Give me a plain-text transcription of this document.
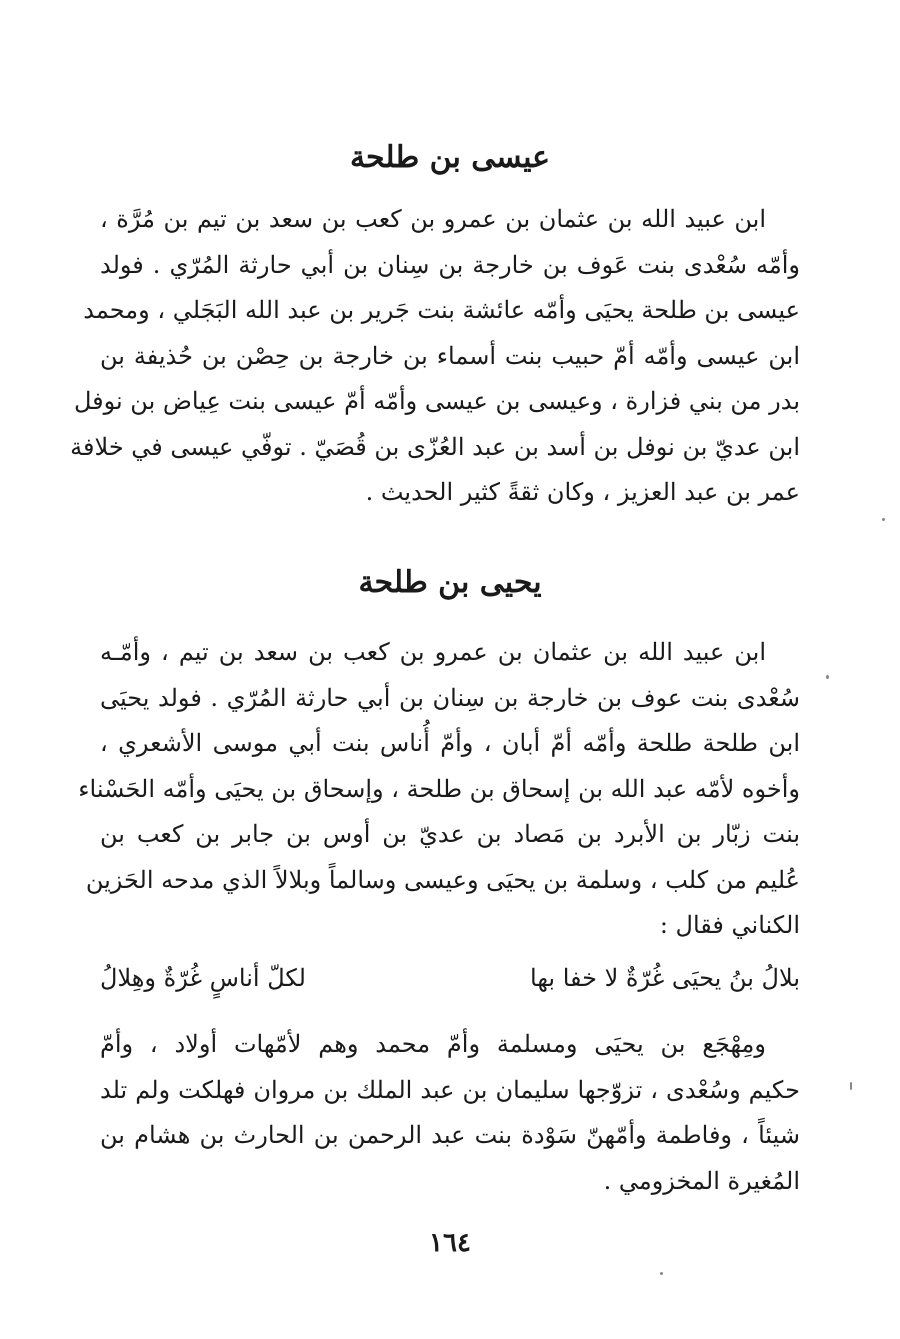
عيسى بن طلحة
ابن عبيد الله بن عثمان بن عمرو بن كعب بن سعد بن تيم بن مُرَّة ،
وأمّه سُعْدى بنت عَوف بن خارجة بن سِنان بن أبي حارثة المُرّي . فولد
عيسى بن طلحة يحيَى وأمّه عائشة بنت جَرير بن عبد الله البَجَلي ، ومحمد
ابن عيسى وأمّه أمّ حبيب بنت أسماء بن خارجة بن حِصْن بن حُذيفة بن
بدر من بني فزارة ، وعيسى بن عيسى وأمّه أمّ عيسى بنت عِياض بن نوفل
ابن عديّ بن نوفل بن أسد بن عبد العُزّى بن قُصَيّ . توفّي عيسى في خلافة
عمر بن عبد العزيز ، وكان ثقةً كثير الحديث .
يحيى بن طلحة
ابن عبيد الله بن عثمان بن عمرو بن كعب بن سعد بن تيم ، وأمّـه
سُعْدى بنت عوف بن خارجة بن سِنان بن أبي حارثة المُرّي . فولد يحيَى
ابن طلحة طلحة وأمّه أمّ أبان ، وأمّ أُناس بنت أبي موسى الأشعري ،
وأخوه لأمّه عبد الله بن إسحاق بن طلحة ، وإسحاق بن يحيَى وأمّه الحَسْناء
بنت زبّار بن الأبرد بن مَصاد بن عديّ بن أوس بن جابر بن كعب بن
عُليم من كلب ، وسلمة بن يحيَى وعيسى وسالماً وبلالاً الذي مدحه الحَزين
الكناني فقال :
بلالُ بنُ يحيَى غُرّةٌ لا خفا بها
لكلّ أناسٍ غُرّةٌ وهِلالُ
ومِهْجَع بن يحيَى ومسلمة وأمّ محمد وهم لأمّهات أولاد ، وأمّ
حكيم وسُعْدى ، تزوّجها سليمان بن عبد الملك بن مروان فهلكت ولم تلد
شيئاً ، وفاطمة وأمّهنّ سَوْدة بنت عبد الرحمن بن الحارث بن هشام بن
المُغيرة المخزومي .
١٦٤
